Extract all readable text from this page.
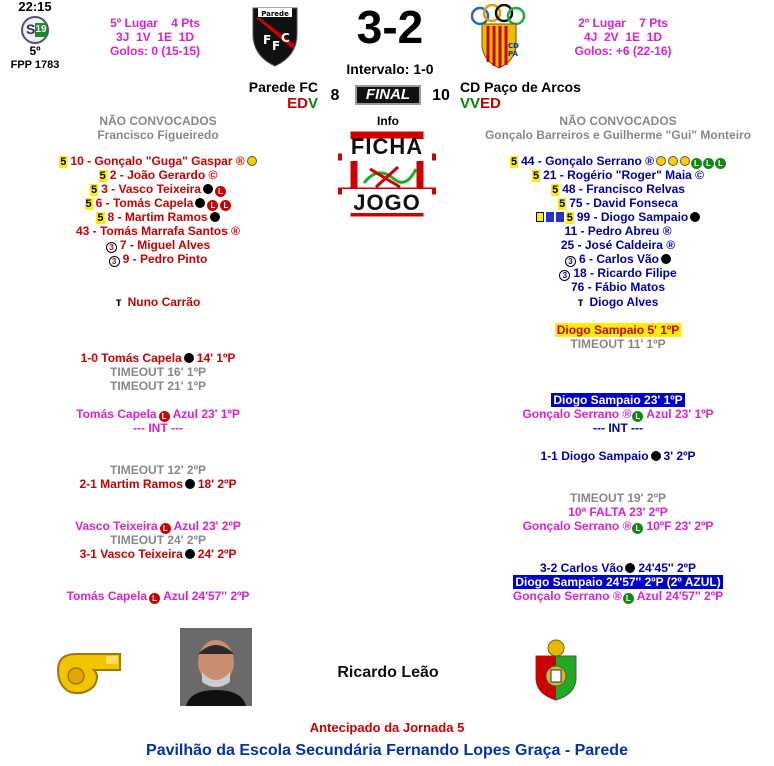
22:15
S 19
5º
FPP 1783
5º Lugar    4 Pts
3J  1V  1E  1D
Golos: 0 (15-15)
Parede
F F
C	3-2
Intervalo: 1-0
CD
PA
2º Lugar    7 Pts
4J  2V  1E  1D
Golos: +6 (22-16)
Parede FC
EDV 8	FINAL	10 CD Paço de Arcos
VVED
NÃO CONVOCADOS
Francisco Figueiredo
NÃO CONVOCADOS
Gonçalo Barreiros e Guilherme "Gui" Monteiro
Info
FICHA
JOGO
5 10 - Gonçalo "Guga" Gaspar ®
5 2 - João Gerardo ©
5 3 - Vasco Teixeira L
5 6 - Tomás Capela L L
5 8 - Martim Ramos
43 - Tomás Marrafa Santos ®
3 7 - Miguel Alves
3 9 - Pedro Pinto
5 44 - Gonçalo Serrano ®	L L L
5 21 - Rogério "Roger" Maia ©
5 48 - Francisco Relvas
5 75 - David Fonseca
5 99 - Diogo Sampaio
11 - Pedro Abreu ®
25 - José Caldeira ®
3 6 - Carlos Vão
3 18 - Ricardo Filipe
76 - Fábio Matos
ᴛ Nuno Carrão	ᴛ Diogo Alves
1-0 Tomás Capela 14' 1ºP
TIMEOUT 16' 1ºP
TIMEOUT 21' 1ºP
Tomás Capela L Azul 23' 1ºP
--- INT ---
TIMEOUT 12' 2ºP
2-1 Martim Ramos 18' 2ºP
Vasco Teixeira L Azul 23' 2ºP
TIMEOUT 24' 2ºP
3-1 Vasco Teixeira 24' 2ºP
Tomás Capela L Azul 24'57'' 2ºP
Diogo Sampaio 5' 1ºP
TIMEOUT 11' 1ºP
Diogo Sampaio 23' 1ºP
Gonçalo Serrano ® L Azul 23' 1ºP
--- INT ---
1-1 Diogo Sampaio 3' 2ºP
TIMEOUT 19' 2ºP
10ª FALTA 23' 2ºP
Gonçalo Serrano ® L 10ºF 23' 2ºP
3-2 Carlos Vão 24'45'' 2ºP
Diogo Sampaio 24'57'' 2ºP (2º AZUL)
Gonçalo Serrano ® L Azul 24'57'' 2ºP
Ricardo Leão
Antecipado da Jornada 5
Pavilhão da Escola Secundária Fernando Lopes Graça - Parede
